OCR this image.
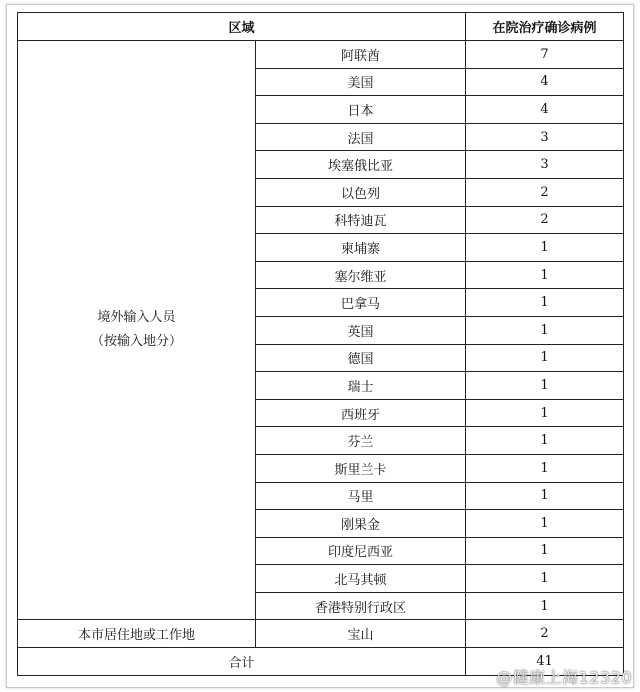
区域		在院治疗确诊病例

境外输入人员
（按输入地分）	阿联酋	7
	美国	4
	日本	4
	法国	3
	埃塞俄比亚	3
	以色列	2
	科特迪瓦	2
	柬埔寨	1
	塞尔维亚	1
	巴拿马	1
	英国	1
	德国	1
	瑞士	1
	西班牙	1
	芬兰	1
	斯里兰卡	1
	马里	1
	刚果金	1
	印度尼西亚	1
	北马其顿	1
	香港特别行政区	1
本市居住地或工作地	宝山	2
合计		41
@健康上海12320
